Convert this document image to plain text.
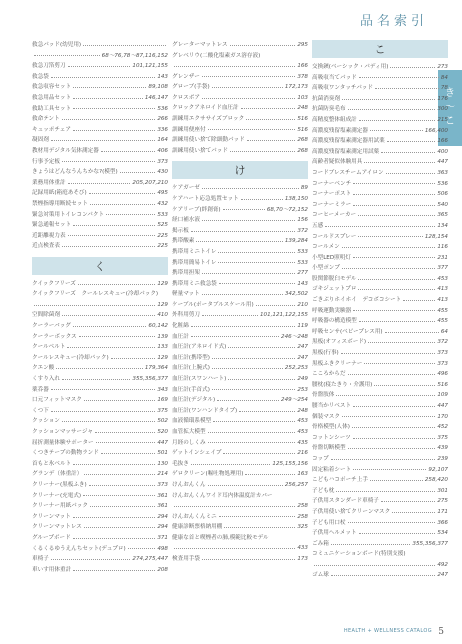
品名索引
き
〜
こ
救急パッド(幼児用)
68〜76,78〜87,116,152
救急刀箔剪刀	101,121,155
救急袋	143
救急収容セット	89,108
救急用品セット	146,147
救助工具セット	536
救命テント	266
キュッポチェア	336
凝固剤	164
教材用デジタル気体測定器	406
行事予定板	373
きょうはどんなうんちかな?(模型)	430
業務用体重計	205,207,210
記録用紙(箱庭あそび)	495
禁煙指導用断続セット	432
緊急対策用トイレコンパクト	533
緊急通報セット	525
近距離視力表	225
近点検査表	225
く
クイックフリーズ	129
クイックフリーズ　クールレスキュー(冷却パック)
129
空間除菌剤	410
クーラーバッグ	60,142
クーラーボックス	139
クールベルト	133
クールレスキュー(冷却パック)	129
クエン酸	179,364
くすり入れ	355,356,377
薬呑器	343
口元フィットマスク	169
くつ下	375
クッション	502
クッションマッサージャ	520
屈折測量体験サポーター	447
くつきテープの動物ランド	501
首もと氷ベルト	130
グランデ（体重計）	214
クリーナー(黒板ふき)	373
クリーナー(充電式)	361
クリーナー用紙パック	361
クリーンマット	294
クリーンマットレス	294
グループボード	371
くるくるゆうえんちセット(デュプロ)	498
車椅子	274,275,447
車いす用体重計	208
グレーターマットレス	295
グレベリウ(二酸化塩素ガス溶存液)
166
グレンザー	378
グローブ(手袋)	172,173
クロスボア	103
クロックアネロイド血圧計	248
訓練用エクササイズブロック	516
訓練用便座付	516
訓練用使い捨て除細動パッド	268
訓練用使い捨てパッド	268
け
ケアガーゼ	89
ケアハート応急処置セット	138,150
ケアリーブ(絆創膏)	68,70〜72,152
経口補水液	156
掲示板	372
携帯酸素	139,284
携帯用ミニトイレ	533
携帯用簡易トイレ	533
携帯用担架	277
携帯用ミニ救急袋	143
軽量マット	342,502
ケーブル(ポータブルスケール用)	210
外科用剪刀	101,121,122,155
化粧綿	119
血圧計	246〜248
血圧計(アネロイド式)	247
血圧計(携帯型)	247
血圧計(上腕式)	252,253
血圧計(スワンハート)	249
血圧計(手首式)	253
血圧計(デジタル)	249〜254
血圧計(ワンハンドタイプ)	248
血液循環系模型	453
血管拡大模型	453
月経のしくみ	435
ゲットインシェイプ	216
毛抜き	125,155,156
ゲロクリーン(嘔吐物処理用)	163
けんおんくん	256,257
けんおんくんワイド耳内体温度計カバー
258
けんおんくんミニ	258
健康診断票格納用棚	325
健康な首と喫煙者の肺,模範比較モデル
433
検査用手袋	173
こ
交換鋏(ベーシック・パディ用)	273
高吸収当てパッド	84
高吸収ワンタッチパッド	78
抗菌消臭剤	176
抗菌防臭毛布	300
高精度整体組成計	215
高濃度残留塩素測定器	166,400
高濃度残留塩素測定器用試薬	166
高濃度残留塩素測定用試薬	400
高齢者疑似体験用具	447
コードブレスチームアイロン	363
コーナーベンチ	536
コーナーポスト	506
コーナーミラー	540
コーヒーメーカー	365
五感	134
コールドスプレー	128,154
コールメン	116
小型LED照明灯	231
小型ポンプ	377
股関節脱臼モデル	453
ゴキジェットプロ	413
ごきぶりホイホイ　デコボコシート	413
呼吸運動実験器	455
呼吸器の構造模型	455
呼吸センサ(ベビープレス用)	64
黒板(オフィスボード)	372
黒板(行事)	373
黒板ふきクリーナー	373
こころからだ	496
腰枕(寝たきり・介護用)	516
骨盤肢体	109
腰当かリベスト	447
個装マスク	170
骨格模型(人体)	452
コットンシーツ	375
骨盤切断模型	439
コップ	239
固定粘着シート	92,107
こどもハコポーチ上手	258,420
子ども枕	301
子供用スタンダード車椅子	275
子供用使い捨てクリーンマスク	171
子ども用口杖	366
子供用ヘルメット	534
ごみ箱	355,356,377
コミュニケーションボード(特別支援)
492
ゴム球	247
HEALTH + WELLNESS CATALOG 5
